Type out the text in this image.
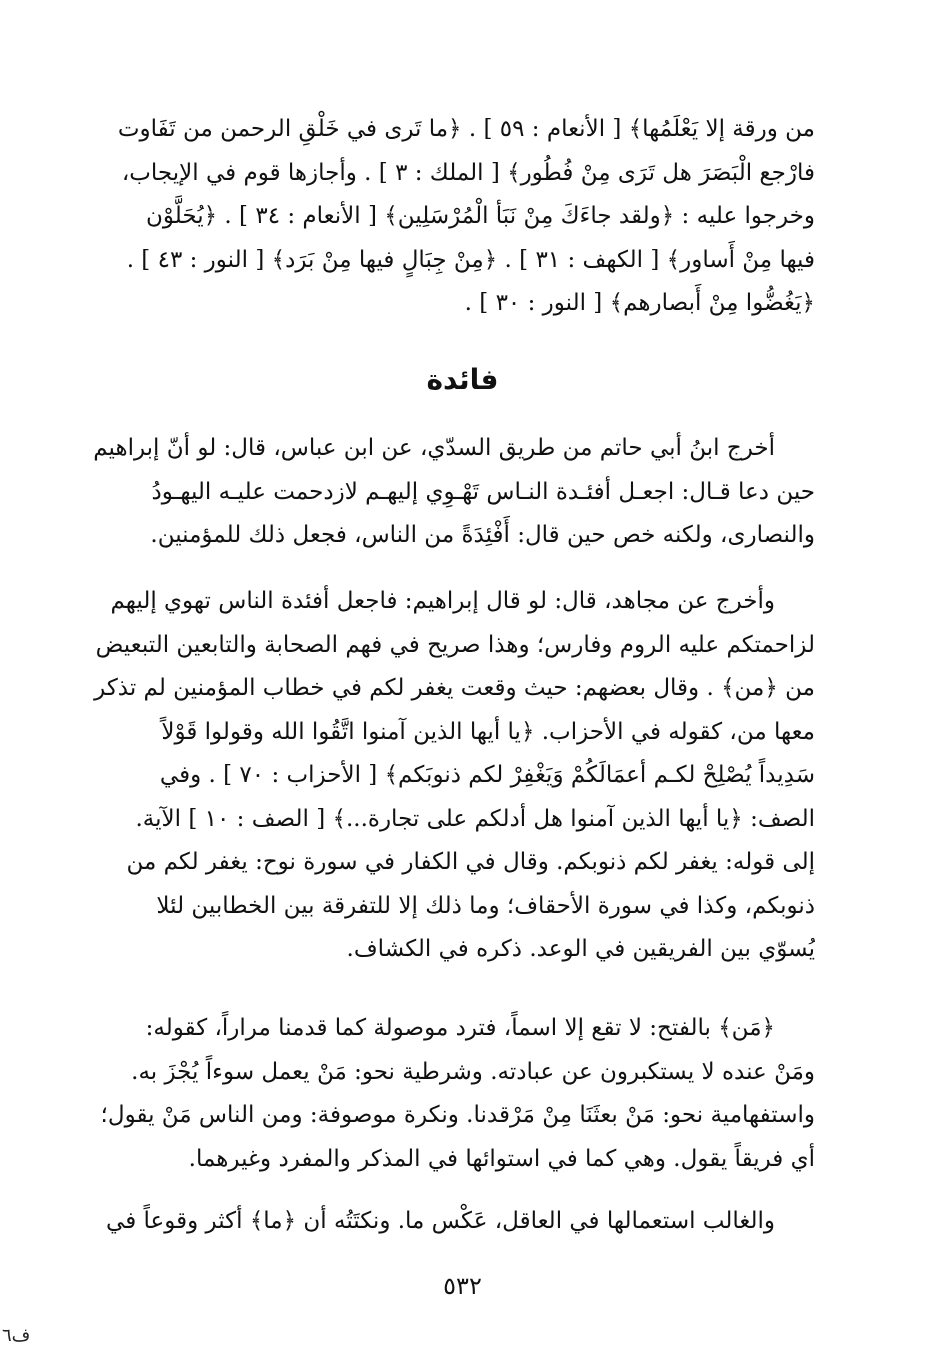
من ورقة إلا يَعْلَمُها﴾ [ الأنعام : ٥٩ ] . ﴿ما تَرى في خَلْقِ الرحمن من تَفَاوت
فارْجع الْبَصَرَ هل تَرَى مِنْ فُطُور﴾ [ الملك : ٣ ] . وأجازها قوم في الإيجاب،
وخرجوا عليه : ﴿ولقد جاءَكَ مِنْ نَبَأ الْمُرْسَلِين﴾ [ الأنعام : ٣٤ ] . ﴿يُحَلَّوْن
فيها مِنْ أَساور﴾ [ الكهف : ٣١ ] . ﴿مِنْ جِبَالٍ فيها مِنْ بَرَد﴾ [ النور : ٤٣ ] .
﴿يَغُضُّوا مِنْ أَبصارهم﴾ [ النور : ٣٠ ] .
فائدة
أخرج ابنُ أبي حاتم من طريق السدّي، عن ابن عباس، قال: لو أنّ إبراهيم
حين دعا قـال: اجعـل أفئـدة النـاس تَهْـوِي إليهـم لازدحمت عليـه اليهـودُ
والنصارى، ولكنه خص حين قال: أَفْئِدَةً من الناس، فجعل ذلك للمؤمنين.
وأخرج عن مجاهد، قال: لو قال إبراهيم: فاجعل أفئدة الناس تهوي إليهم
لزاحمتكم عليه الروم وفارس؛ وهذا صريح في فهم الصحابة والتابعين التبعيض
من ﴿من﴾ . وقال بعضهم: حيث وقعت يغفر لكم في خطاب المؤمنين لم تذكر
معها من، كقوله في الأحزاب. ﴿يا أيها الذين آمنوا اتَّقُوا الله وقولوا قَوْلاً
سَدِيداً يُصْلِحْ لكـم أعمَالَكُمْ وَيَغْفِرْ لكم ذنوبَكم﴾ [ الأحزاب : ٧٠ ] . وفي
الصف: ﴿يا أيها الذين آمنوا هل أدلكم على تجارة...﴾ [ الصف : ١٠ ] الآية.
إلى قوله: يغفر لكم ذنوبكم. وقال في الكفار في سورة نوح: يغفر لكم من
ذنوبكم، وكذا في سورة الأحقاف؛ وما ذلك إلا للتفرقة بين الخطابين لئلا
يُسوّي بين الفريقين في الوعد. ذكره في الكشاف.
﴿مَن﴾ بالفتح: لا تقع إلا اسماً، فترد موصولة كما قدمنا مراراً، كقوله:
ومَنْ عنده لا يستكبرون عن عبادته. وشرطية نحو: مَنْ يعمل سوءاً يُجْزَ به.
واستفهامية نحو: مَنْ بعثَنَا مِنْ مَرْقدنا. ونكرة موصوفة: ومن الناس مَنْ يقول؛
أي فريقاً يقول. وهي كما في استوائها في المذكر والمفرد وغيرهما.
والغالب استعمالها في العاقل، عَكْس ما. ونكتَتُه أن ﴿ما﴾ أكثر وقوعاً في
٥٣٢
ف٦
